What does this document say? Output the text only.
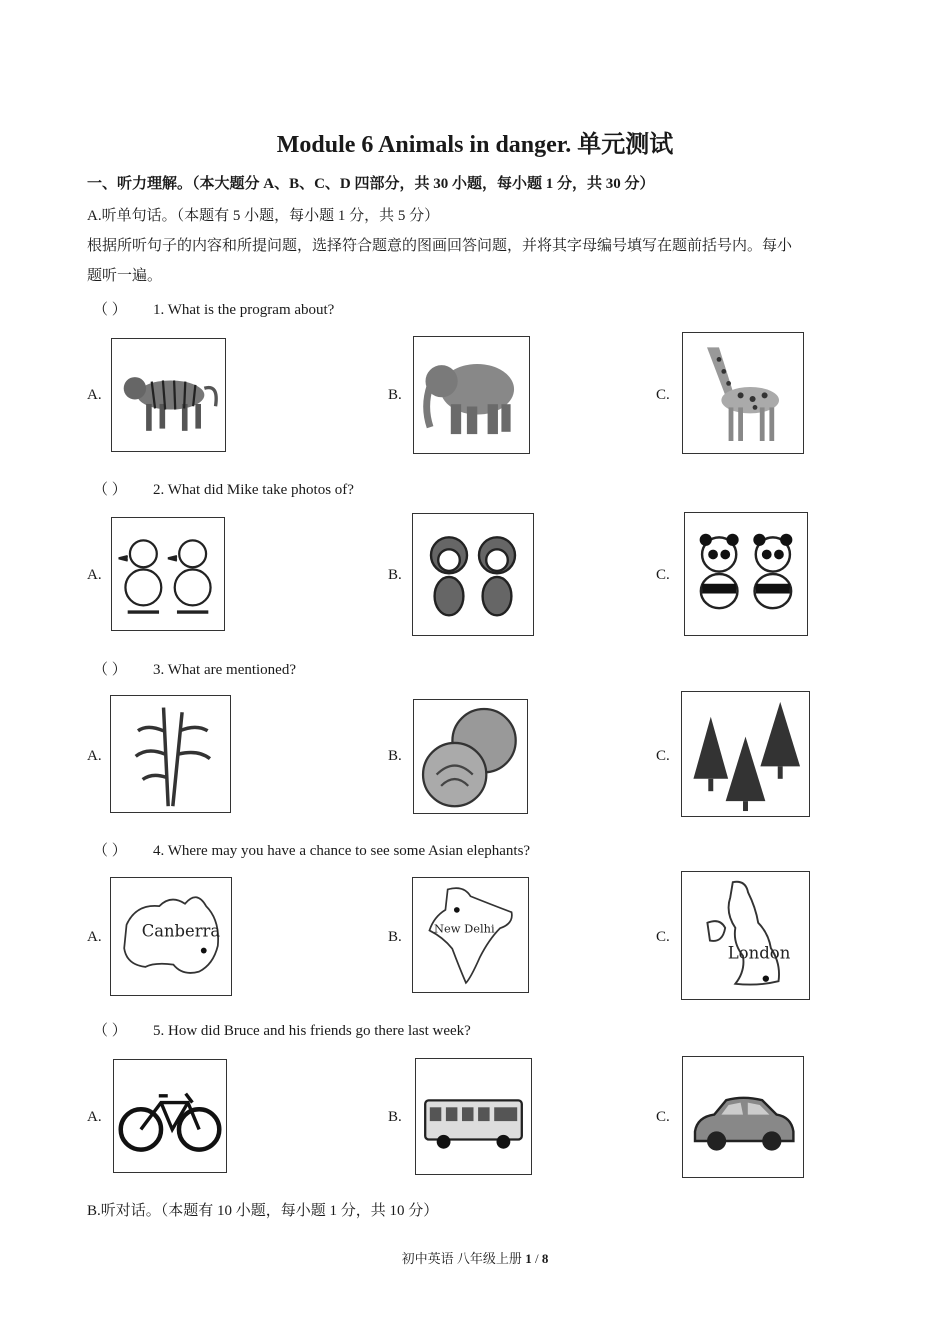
Module 6 Animals in danger. 单元测试
一、听力理解。（本大题分 A、B、C、D 四部分，共 30 小题，每小题 1 分，共 30 分）
A.听单句话。（本题有 5 小题，每小题 1 分，共 5 分）
根据所听句子的内容和所提问题，选择符合题意的图画回答问题，并将其字母编号填写在题前括号内。每小
题听一遍。
（ ） 1. What is the program about?
A.	B.	C.
（ ） 2. What did Mike take photos of?
A.	B.	C.
（ ） 3. What are mentioned?
A.	B.	C.
（ ） 4. Where may you have a chance to see some Asian elephants?
A.	B.	C.
Canberra	New Delhi
London
（ ） 5. How did Bruce and his friends go there last week?
A.	B.	C.
B.听对话。（本题有 10 小题，每小题 1 分，共 10 分）
初中英语 八年级上册 1 / 8
